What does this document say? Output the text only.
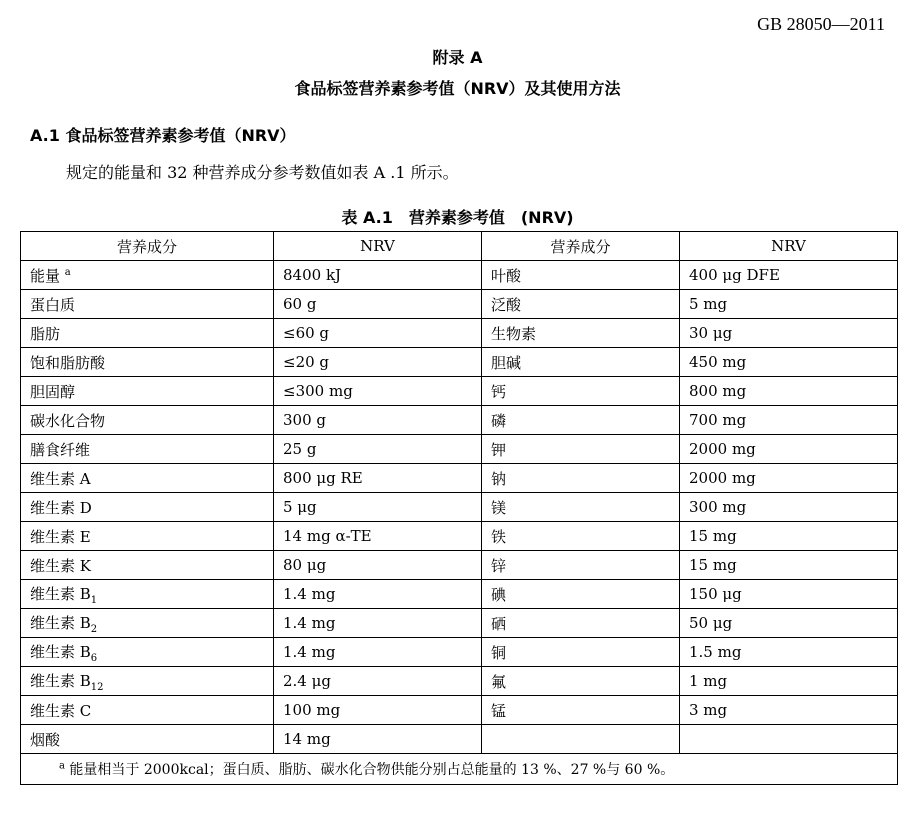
GB 28050—2011
附录 A
食品标签营养素参考值（NRV）及其使用方法
A.1 食品标签营养素参考值（NRV）
规定的能量和 32 种营养成分参考数值如表 A .1 所示。
表 A.1　营养素参考值　(NRV)
营养成分	NRV	营养成分	NRV
能量 $^a$	8400 kJ	叶酸	400 μg DFE
蛋白质	60 g	泛酸	5 mg
脂肪	≤60 g	生物素	30 μg
饱和脂肪酸	≤20 g	胆碱	450 mg
胆固醇	≤300 mg	钙	800 mg
碳水化合物	300 g	磷	700 mg
膳食纤维	25 g	钾	2000 mg
维生素 A	800 μg RE	钠	2000 mg
维生素 D	5 μg	镁	300 mg
维生素 E	14 mg α-TE	铁	15 mg
维生素 K	80 μg	锌	15 mg
维生素 $B_1$	1.4 mg	碘	150 μg
维生素 $B_2$	1.4 mg	硒	50 μg
维生素 $B_6$	1.4 mg	铜	1.5 mg
维生素 $B_{12}$	2.4 μg	氟	1 mg
维生素 C	100 mg	锰	3 mg
烟酸	14 mg		
$^a$ 能量相当于 2000kcal；蛋白质、脂肪、碳水化合物供能分别占总能量的 13 %、27 %与 60 %。			
